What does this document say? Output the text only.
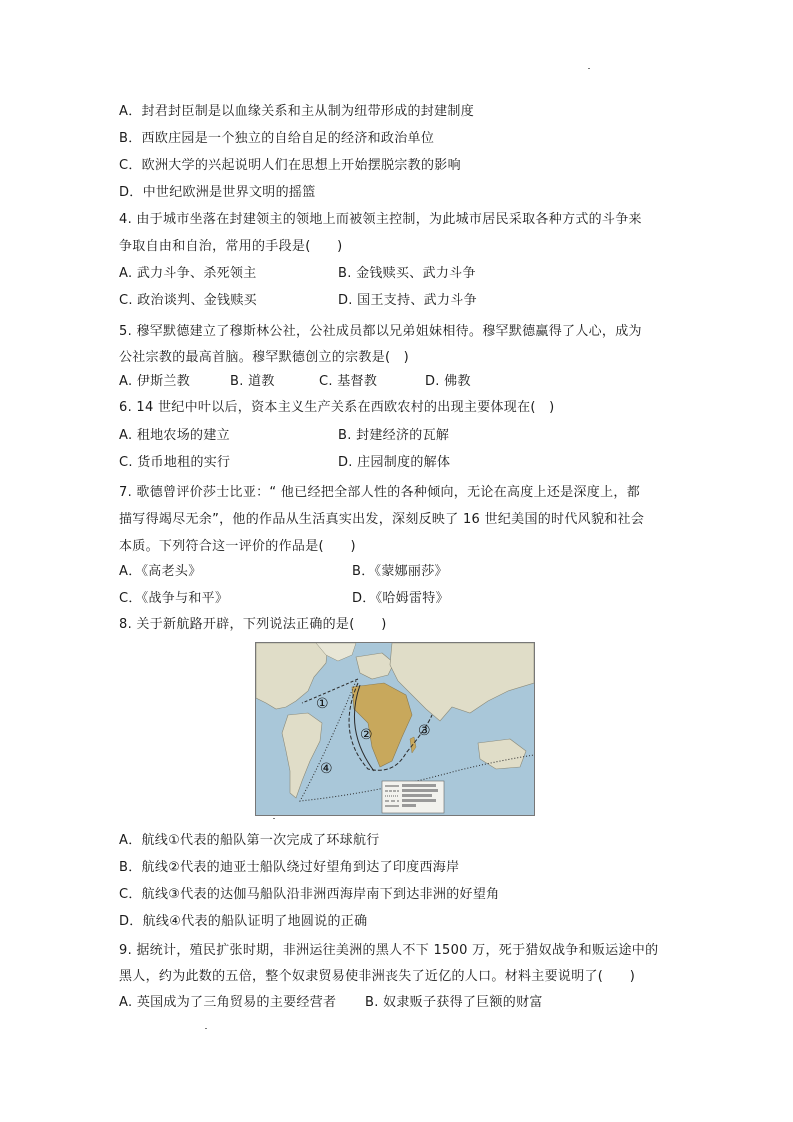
A．封君封臣制是以血缘关系和主从制为纽带形成的封建制度
B．西欧庄园是一个独立的自给自足的经济和政治单位
C．欧洲大学的兴起说明人们在思想上开始摆脱宗教的影响
D．中世纪欧洲是世界文明的摇篮
4. 由于城市坐落在封建领主的领地上而被领主控制，为此城市居民采取各种方式的斗争来
争取自由和自治，常用的手段是(　　)
A. 武力斗争、杀死领主	B. 金钱赎买、武力斗争
C. 政治谈判、金钱赎买	D. 国王支持、武力斗争
5. 穆罕默德建立了穆斯林公社，公社成员都以兄弟姐妹相待。穆罕默德赢得了人心，成为
公社宗教的最高首脑。穆罕默德创立的宗教是(　)
A. 伊斯兰教	B. 道教	C. 基督教	D. 佛教
6. 14 世纪中叶以后，资本主义生产关系在西欧农村的出现主要体现在(　)
A. 租地农场的建立	B. 封建经济的瓦解
C. 货币地租的实行	D. 庄园制度的解体
7. 歌德曾评价莎士比亚：“ 他已经把全部人性的各种倾向，无论在高度上还是深度上，都
描写得竭尽无余”，他的作品从生活真实出发，深刻反映了 16 世纪美国的时代风貌和社会
本质。下列符合这一评价的作品是(　　)
A．《高老头》	B．《蒙娜丽莎》
C．《战争与和平》	D．《哈姆雷特》
8. 关于新航路开辟，下列说法正确的是(　　)
①
②	③
④
A．航线①代表的船队第一次完成了环球航行
B．航线②代表的迪亚士船队绕过好望角到达了印度西海岸
C．航线③代表的达伽马船队沿非洲西海岸南下到达非洲的好望角
D．航线④代表的船队证明了地圆说的正确
9. 据统计，殖民扩张时期，非洲运往美洲的黑人不下 1500 万，死于猎奴战争和贩运途中的
黑人，约为此数的五倍，整个奴隶贸易使非洲丧失了近亿的人口。材料主要说明了(　　)
A. 英国成为了三角贸易的主要经营者 B. 奴隶贩子获得了巨额的财富
